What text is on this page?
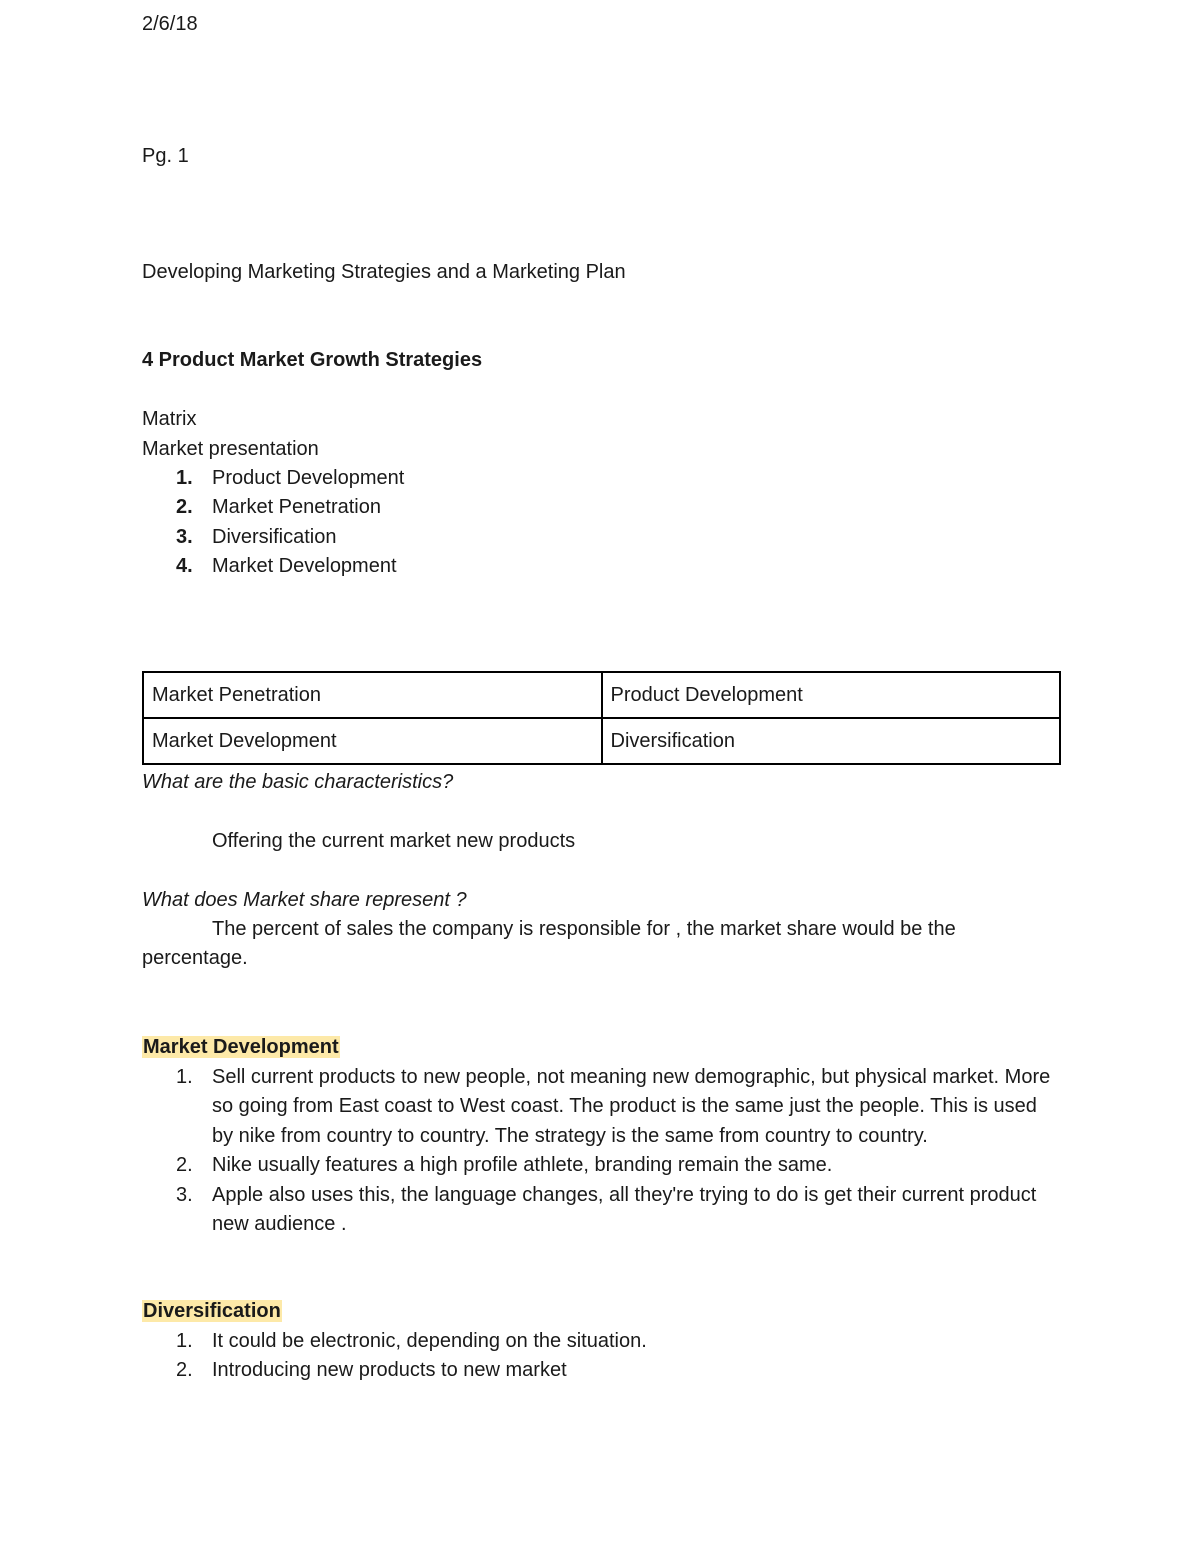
2/6/18
Pg. 1
Developing Marketing Strategies and a Marketing Plan
4 Product Market Growth Strategies
Matrix
Market presentation
1. Product Development
2. Market Penetration
3. Diversification
4. Market Development
Market Penetration	Product Development
Market Development	Diversification
What are the basic characteristics?
Offering the current market new products
What does Market share represent ?
The percent of sales the company is responsible for , the market share would be the percentage.
Market Development
1. Sell current products to new people, not meaning new demographic, but physical market. More so going from East coast to West coast. The product is the same just the people. This is used by nike from country to country. The strategy is the same from country to country.
2. Nike usually features a high profile athlete, branding remain the same.
3. Apple also uses this, the language changes, all they're trying to do is get their current product new audience .
Diversification
1. It could be electronic, depending on the situation.
2. Introducing new products to new market
